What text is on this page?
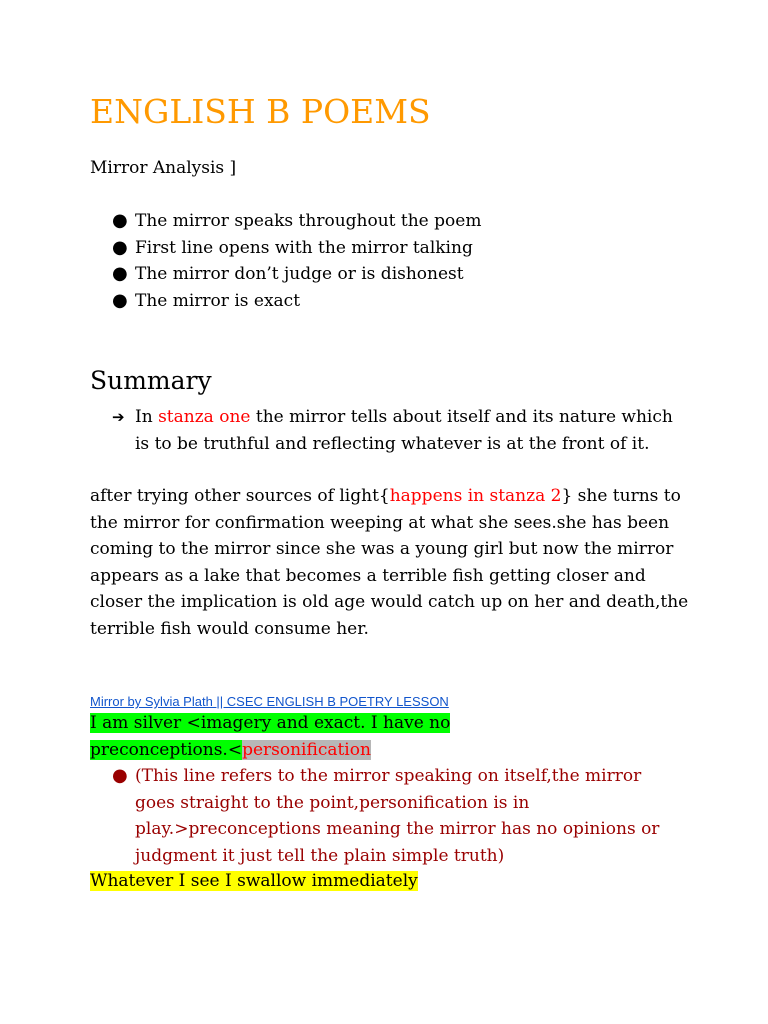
ENGLISH B POEMS
Mirror Analysis ]
● The mirror speaks throughout the poem
● First line opens with the mirror talking
● The mirror don’t judge or is dishonest
● The mirror is exact
Summary
➔ In stanza one the mirror tells about itself and its nature which is to be truthful and reflecting whatever is at the front of it.
after trying other sources of light{happens in stanza 2} she turns to the mirror for confirmation weeping at what she sees.she has been coming to the mirror since she was a young girl but now the mirror appears as a lake that becomes a terrible fish getting closer and closer the implication is old age would catch up on her and death,the terrible fish would consume her.
Mirror by Sylvia Plath || CSEC ENGLISH B POETRY LESSON
I am silver <imagery and exact. I have no
preconceptions.<personification
● (This line refers to the mirror speaking on itself,the mirror goes straight to the point,personification is in play.>preconceptions meaning the mirror has no opinions or judgment it just tell the plain simple truth)
Whatever I see I swallow immediately
